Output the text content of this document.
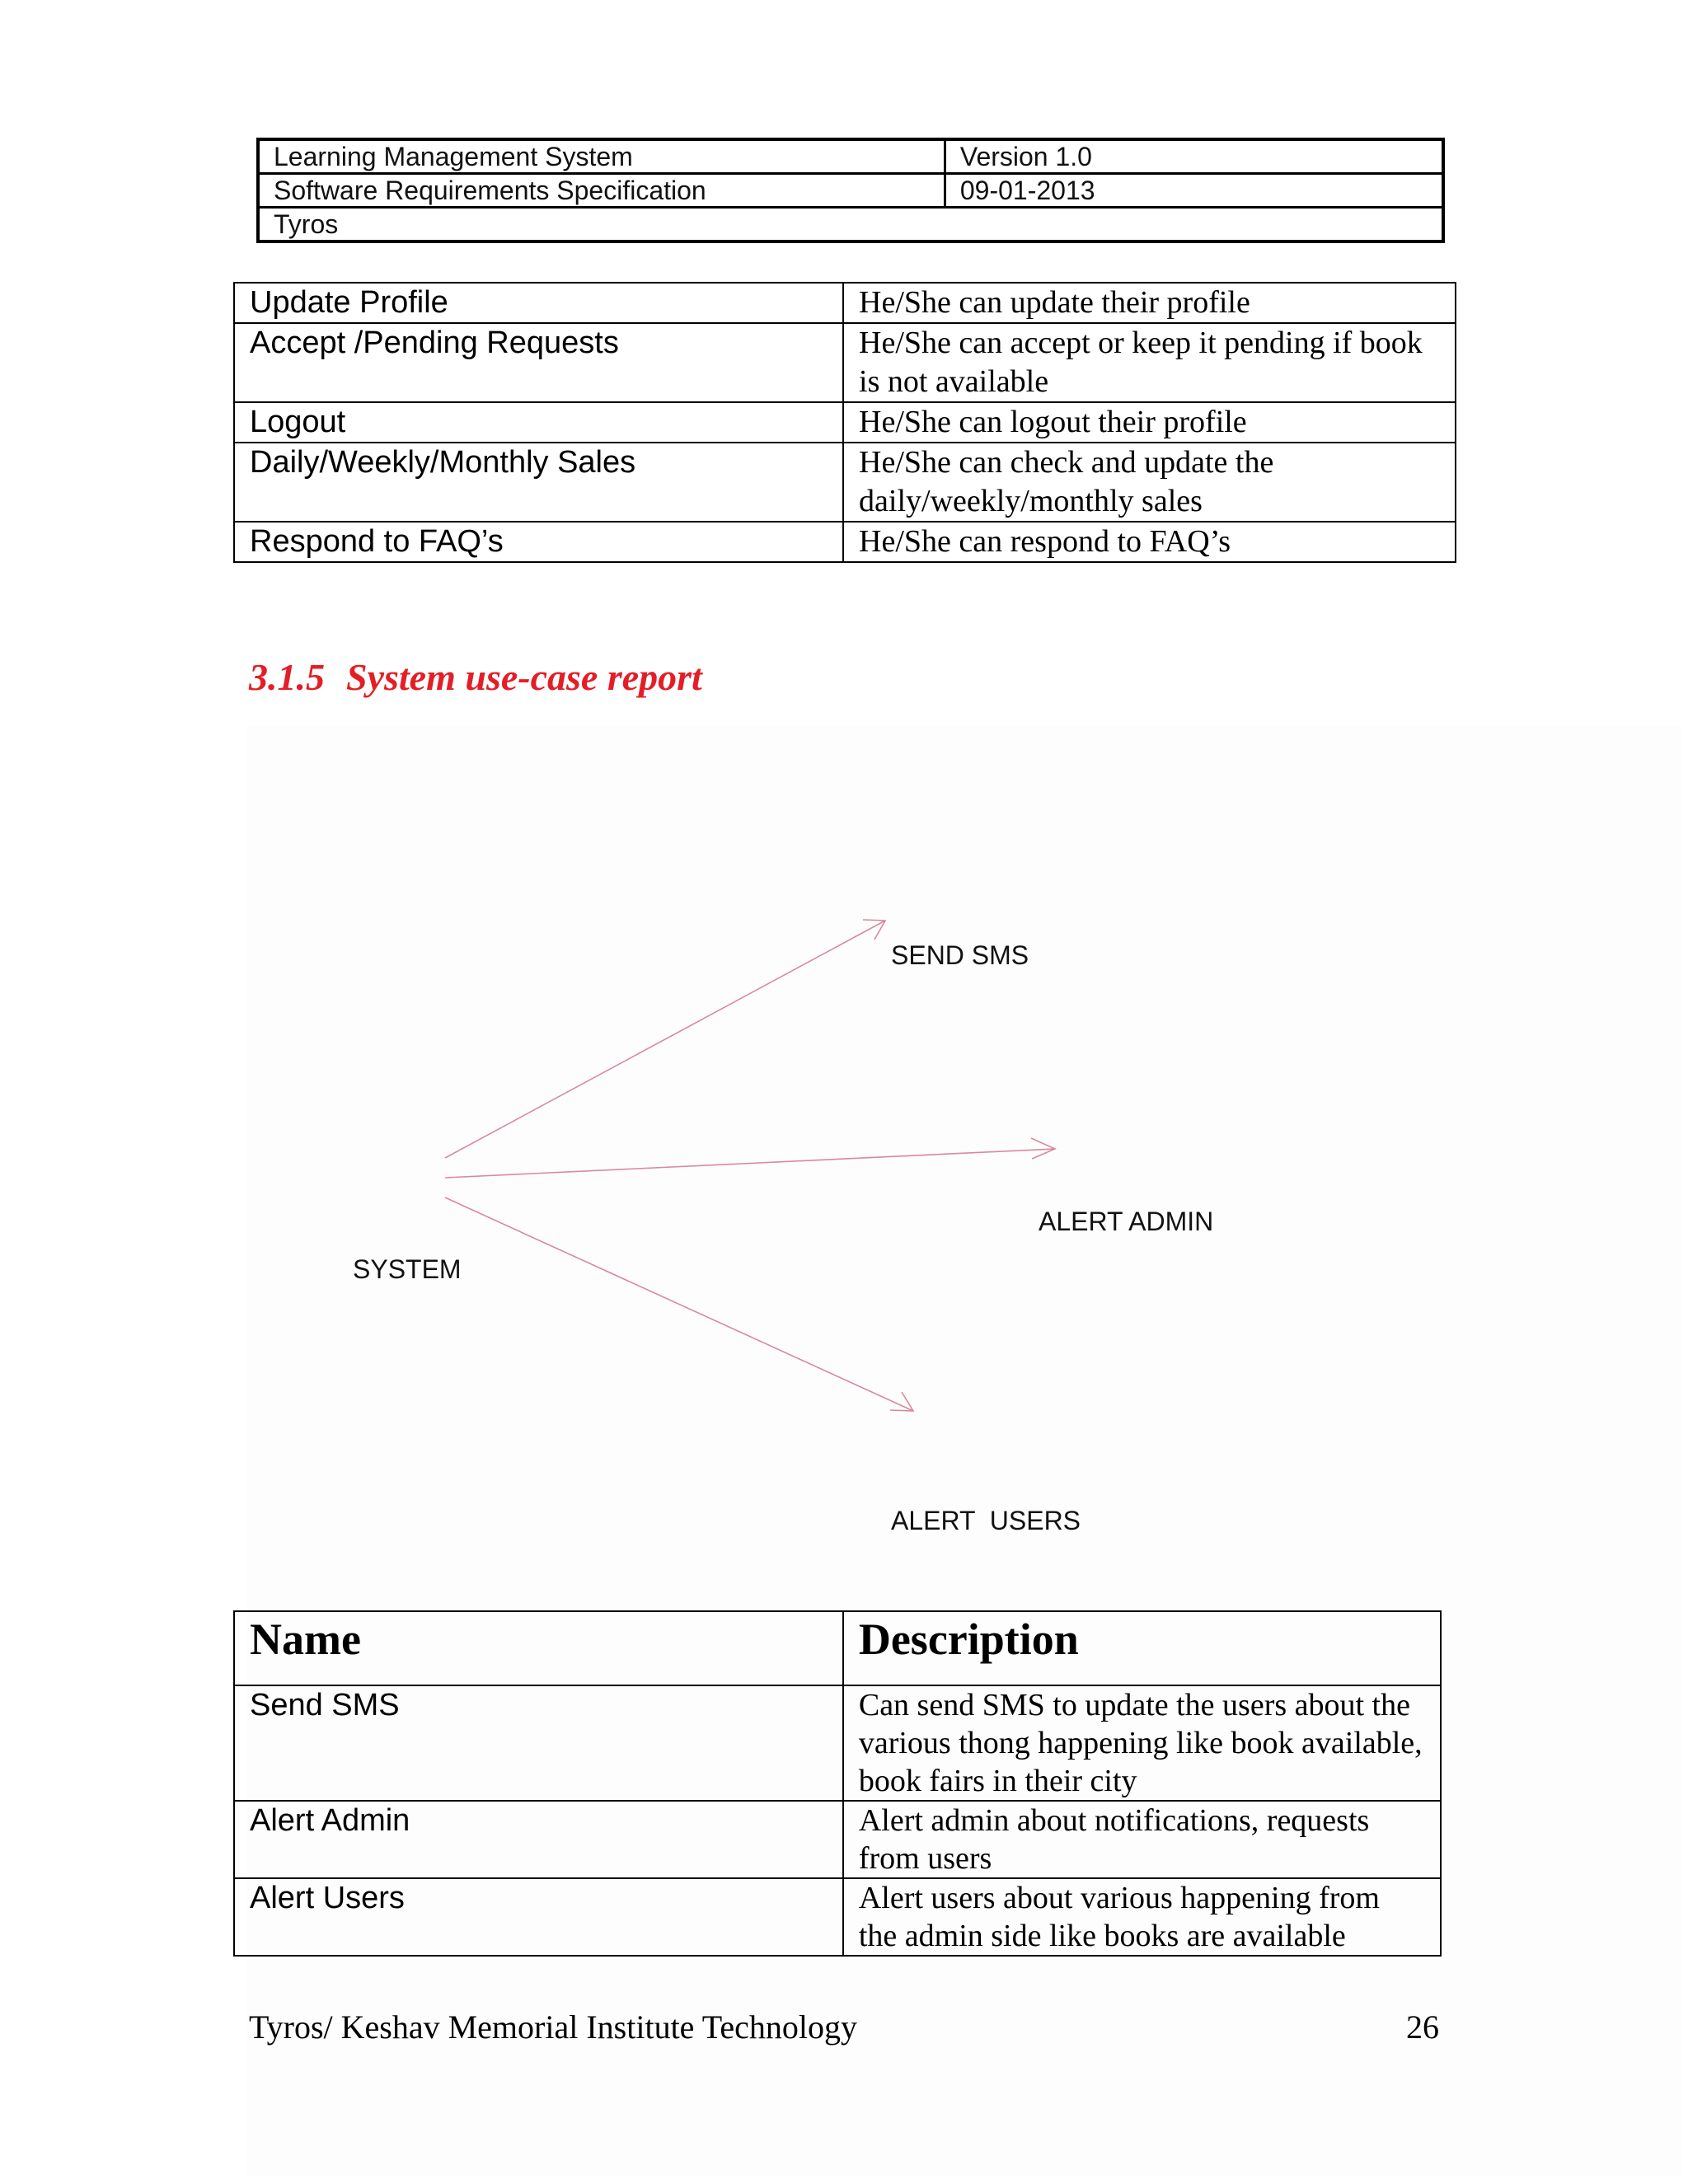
Learning Management System	Version 1.0
Software Requirements Specification	09-01-2013
Tyros	
Update Profile	He/She can update their profile
Accept /Pending Requests	He/She can accept or keep it pending if book is not available
Logout	He/She can logout their profile
Daily/Weekly/Monthly Sales	He/She can check and update the daily/weekly/monthly sales
Respond to FAQ’s	He/She can respond to FAQ’s
3.1.5 System use-case report
SEND SMS
ALERT ADMIN
SYSTEM
ALERT  USERS
Name	Description
Send SMS	Can send SMS to update the users about the various thong happening like book available, book fairs in their city
Alert Admin	Alert admin about notifications, requests from users
Alert Users	Alert users about various happening from the admin side like books are available
Tyros/ Keshav Memorial Institute Technology	26
